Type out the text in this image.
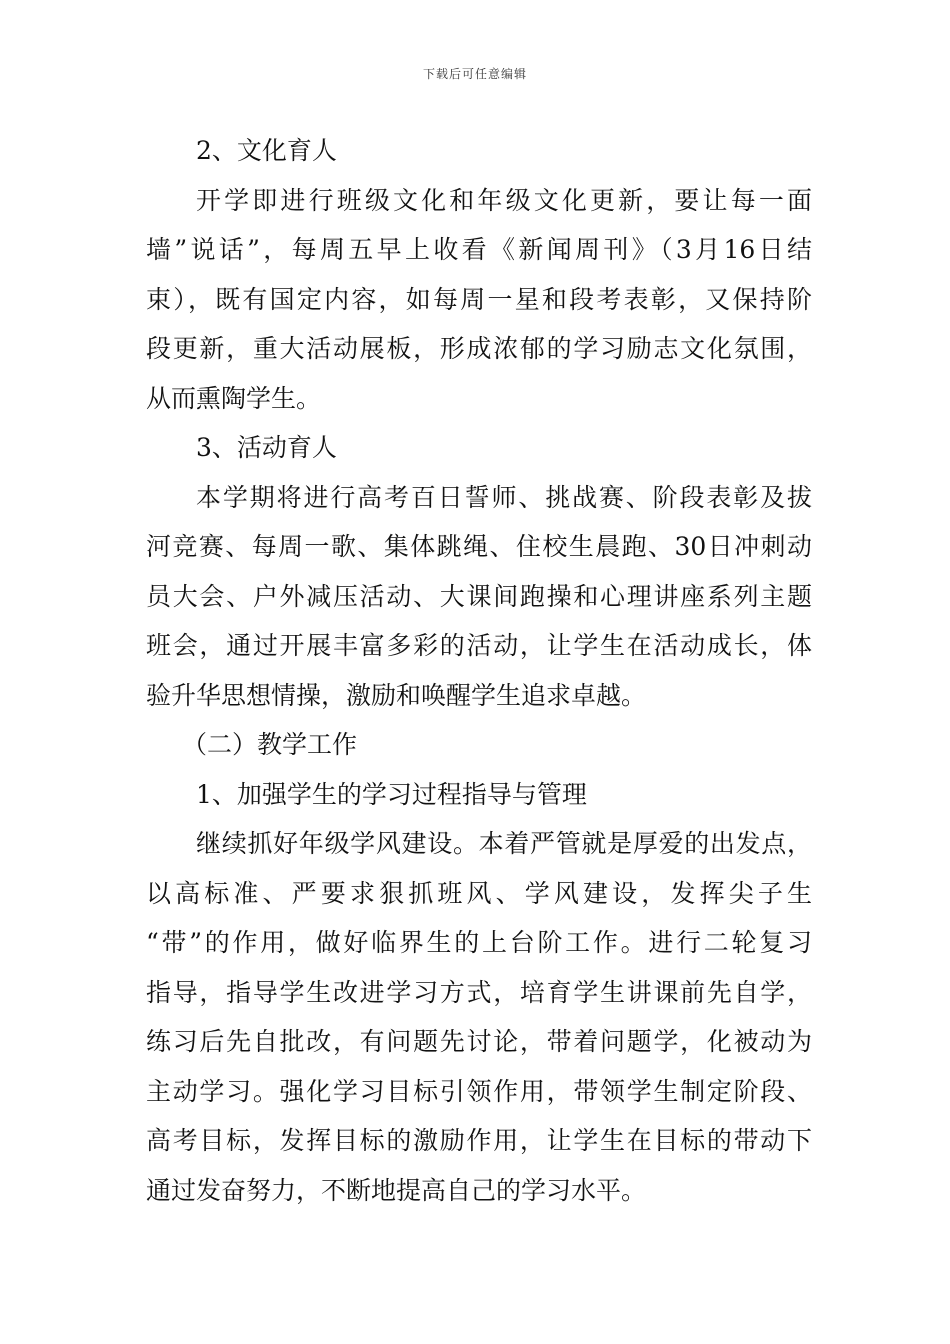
下载后可任意编辑
2、文化育人
开学即进行班级文化和年级文化更新，要让每一面
墙”说话”，每周五早上收看《新闻周刊》（3月16日结
束），既有国定内容，如每周一星和段考表彰，又保持阶
段更新，重大活动展板，形成浓郁的学习励志文化氛围，
从而熏陶学生。
3、活动育人
本学期将进行高考百日誓师、挑战赛、阶段表彰及拔
河竞赛、每周一歌、集体跳绳、住校生晨跑、30日冲刺动
员大会、户外减压活动、大课间跑操和心理讲座系列主题
班会，通过开展丰富多彩的活动，让学生在活动成长，体
验升华思想情操，激励和唤醒学生追求卓越。
（二）教学工作
1、加强学生的学习过程指导与管理
继续抓好年级学风建设。本着严管就是厚爱的出发点，
以高标准、严要求狠抓班风、学风建设，发挥尖子生
“带”的作用，做好临界生的上台阶工作。进行二轮复习
指导，指导学生改进学习方式，培育学生讲课前先自学，
练习后先自批改，有问题先讨论，带着问题学，化被动为
主动学习。强化学习目标引领作用，带领学生制定阶段、
高考目标，发挥目标的激励作用，让学生在目标的带动下
通过发奋努力，不断地提高自己的学习水平。
